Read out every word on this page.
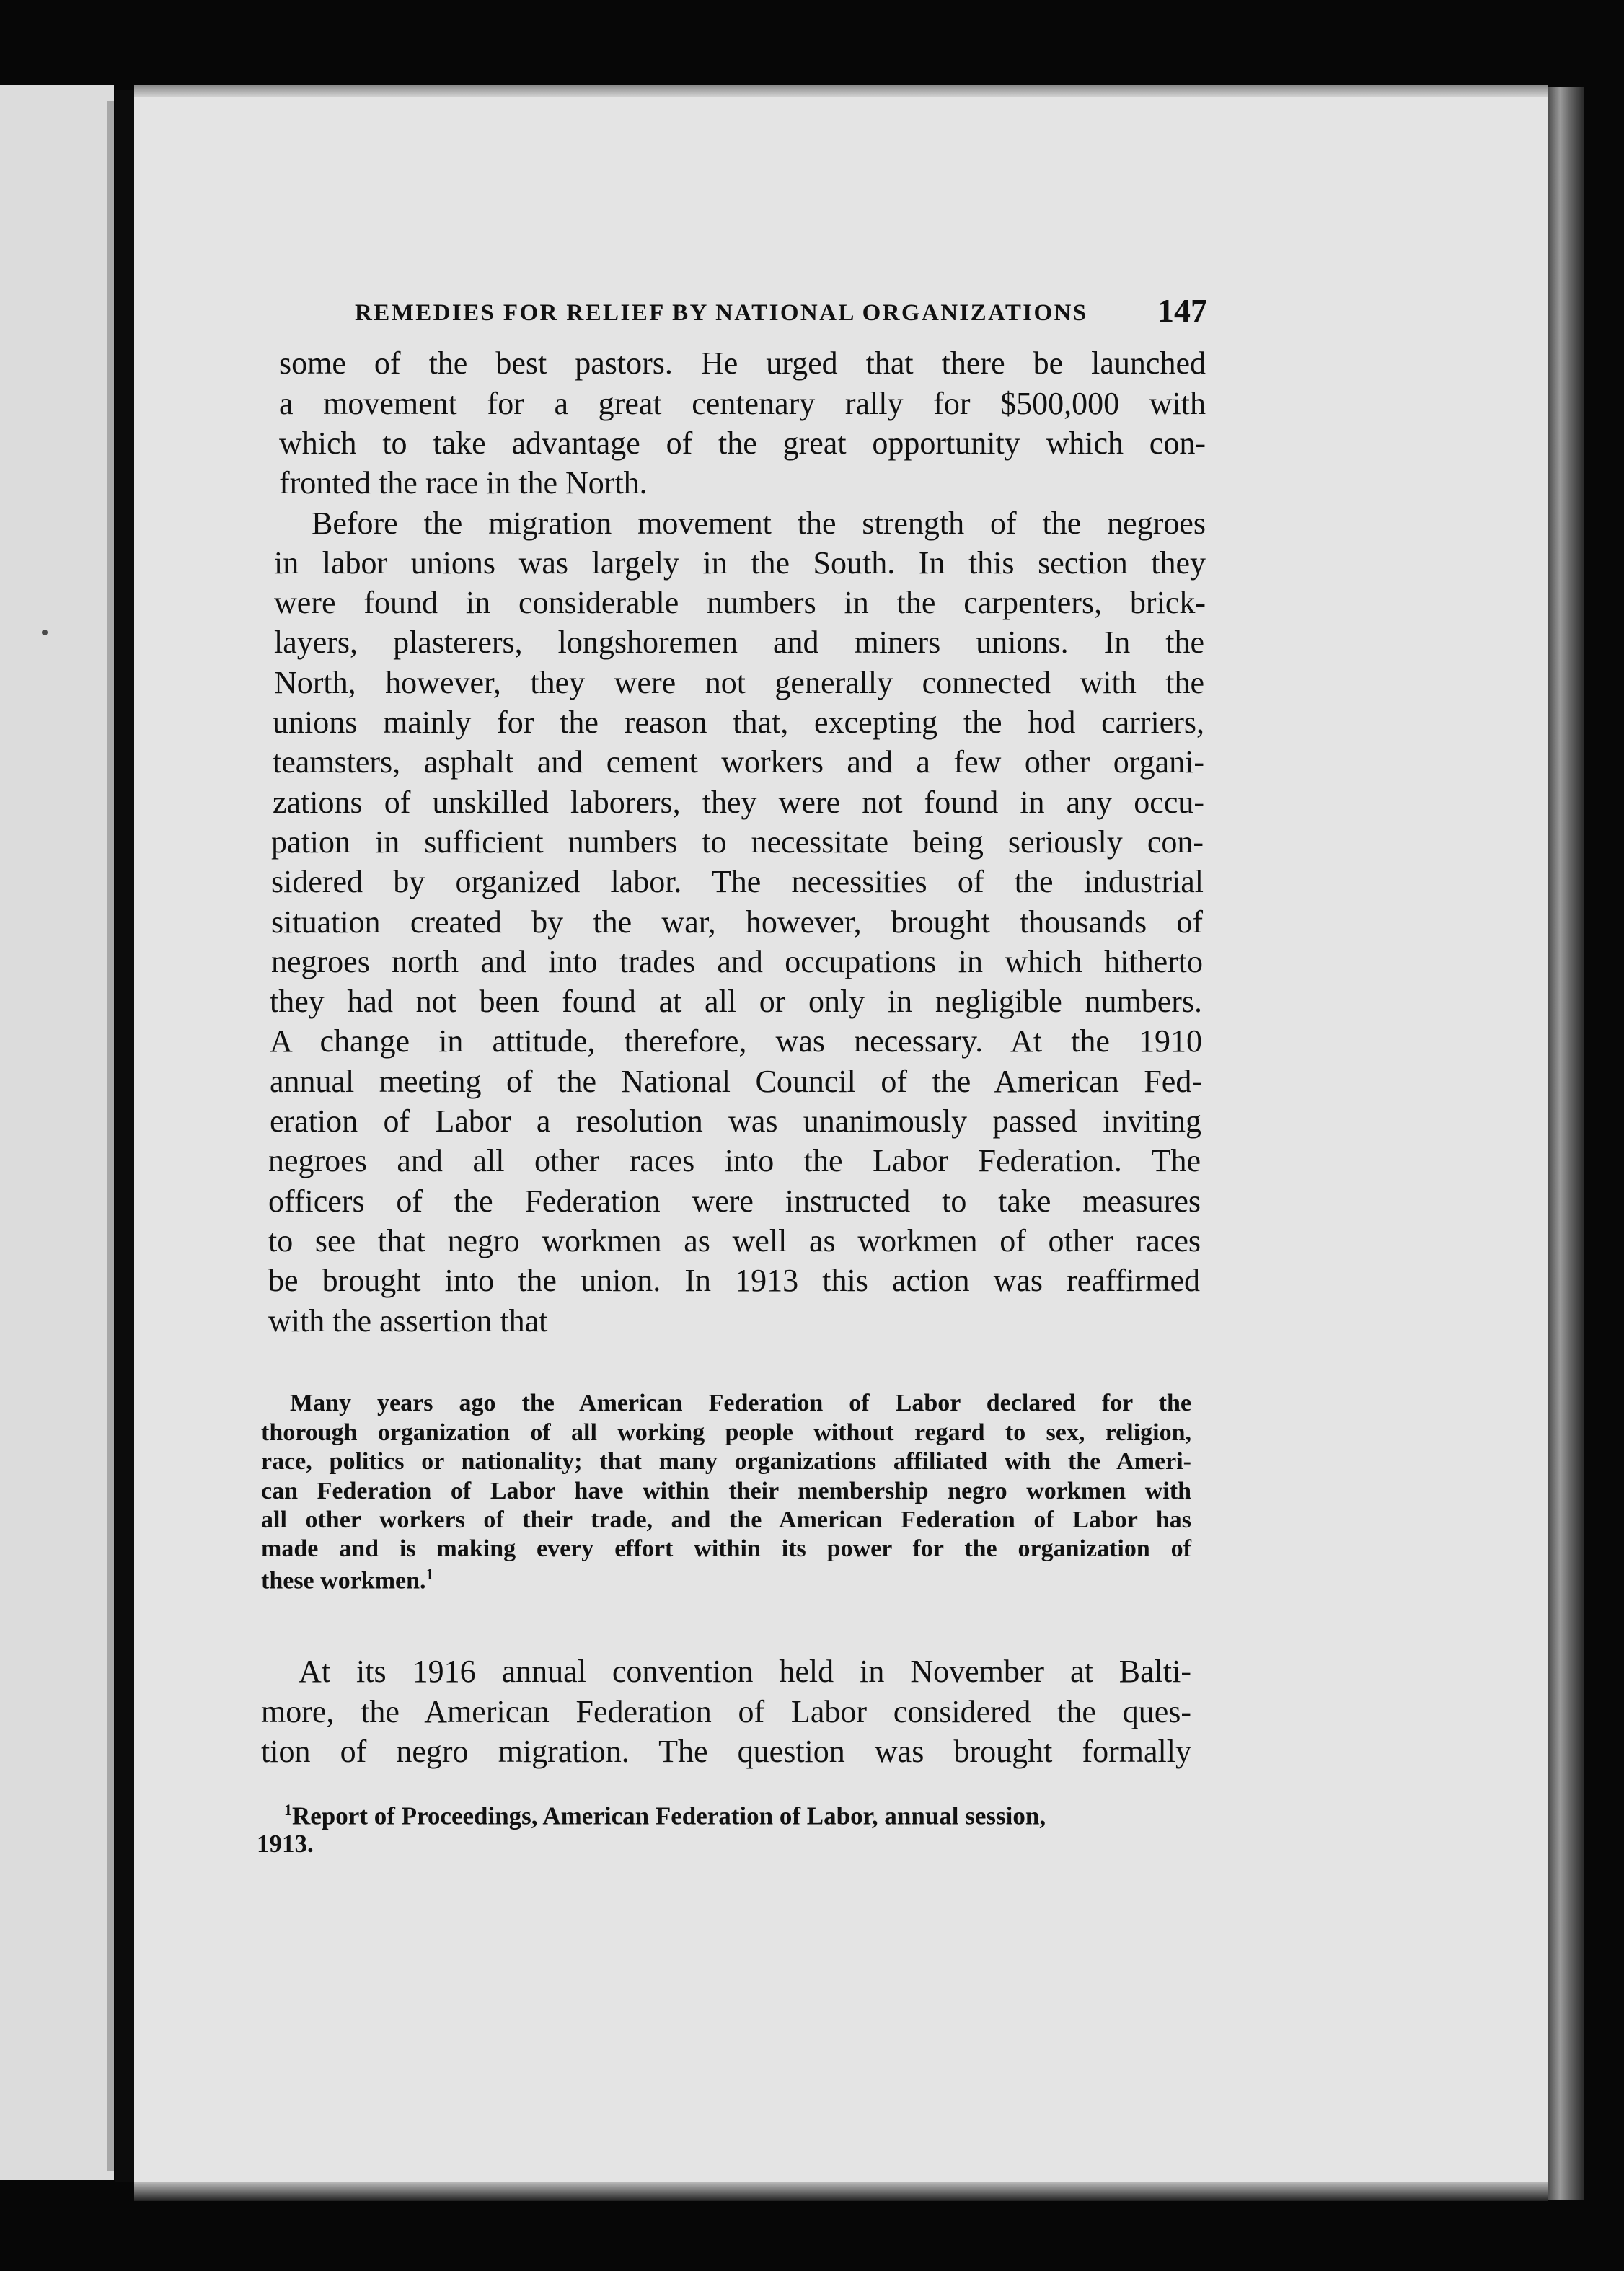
REMEDIES FOR RELIEF BY NATIONAL ORGANIZATIONS 147
some of the best pastors. He urged that there be launched
a movement for a great centenary rally for $500,000 with
which to take advantage of the great opportunity which con-
fronted the race in the North.
Before the migration movement the strength of the negroes
in labor unions was largely in the South. In this section they
were found in considerable numbers in the carpenters, brick-
layers, plasterers, longshoremen and miners unions. In the
North, however, they were not generally connected with the
unions mainly for the reason that, excepting the hod carriers,
teamsters, asphalt and cement workers and a few other organi-
zations of unskilled laborers, they were not found in any occu-
pation in sufficient numbers to necessitate being seriously con-
sidered by organized labor. The necessities of the industrial
situation created by the war, however, brought thousands of
negroes north and into trades and occupations in which hitherto
they had not been found at all or only in negligible numbers.
A change in attitude, therefore, was necessary. At the 1910
annual meeting of the National Council of the American Fed-
eration of Labor a resolution was unanimously passed inviting
negroes and all other races into the Labor Federation. The
officers of the Federation were instructed to take measures
to see that negro workmen as well as workmen of other races
be brought into the union. In 1913 this action was reaffirmed
with the assertion that
Many years ago the American Federation of Labor declared for the
thorough organization of all working people without regard to sex, religion,
race, politics or nationality; that many organizations affiliated with the Ameri-
can Federation of Labor have within their membership negro workmen with
all other workers of their trade, and the American Federation of Labor has
made and is making every effort within its power for the organization of
these workmen.$^1$
At its 1916 annual convention held in November at Balti-
more, the American Federation of Labor considered the ques-
tion of negro migration. The question was brought formally
$^1$Report of Proceedings, American Federation of Labor, annual session,
1913.
